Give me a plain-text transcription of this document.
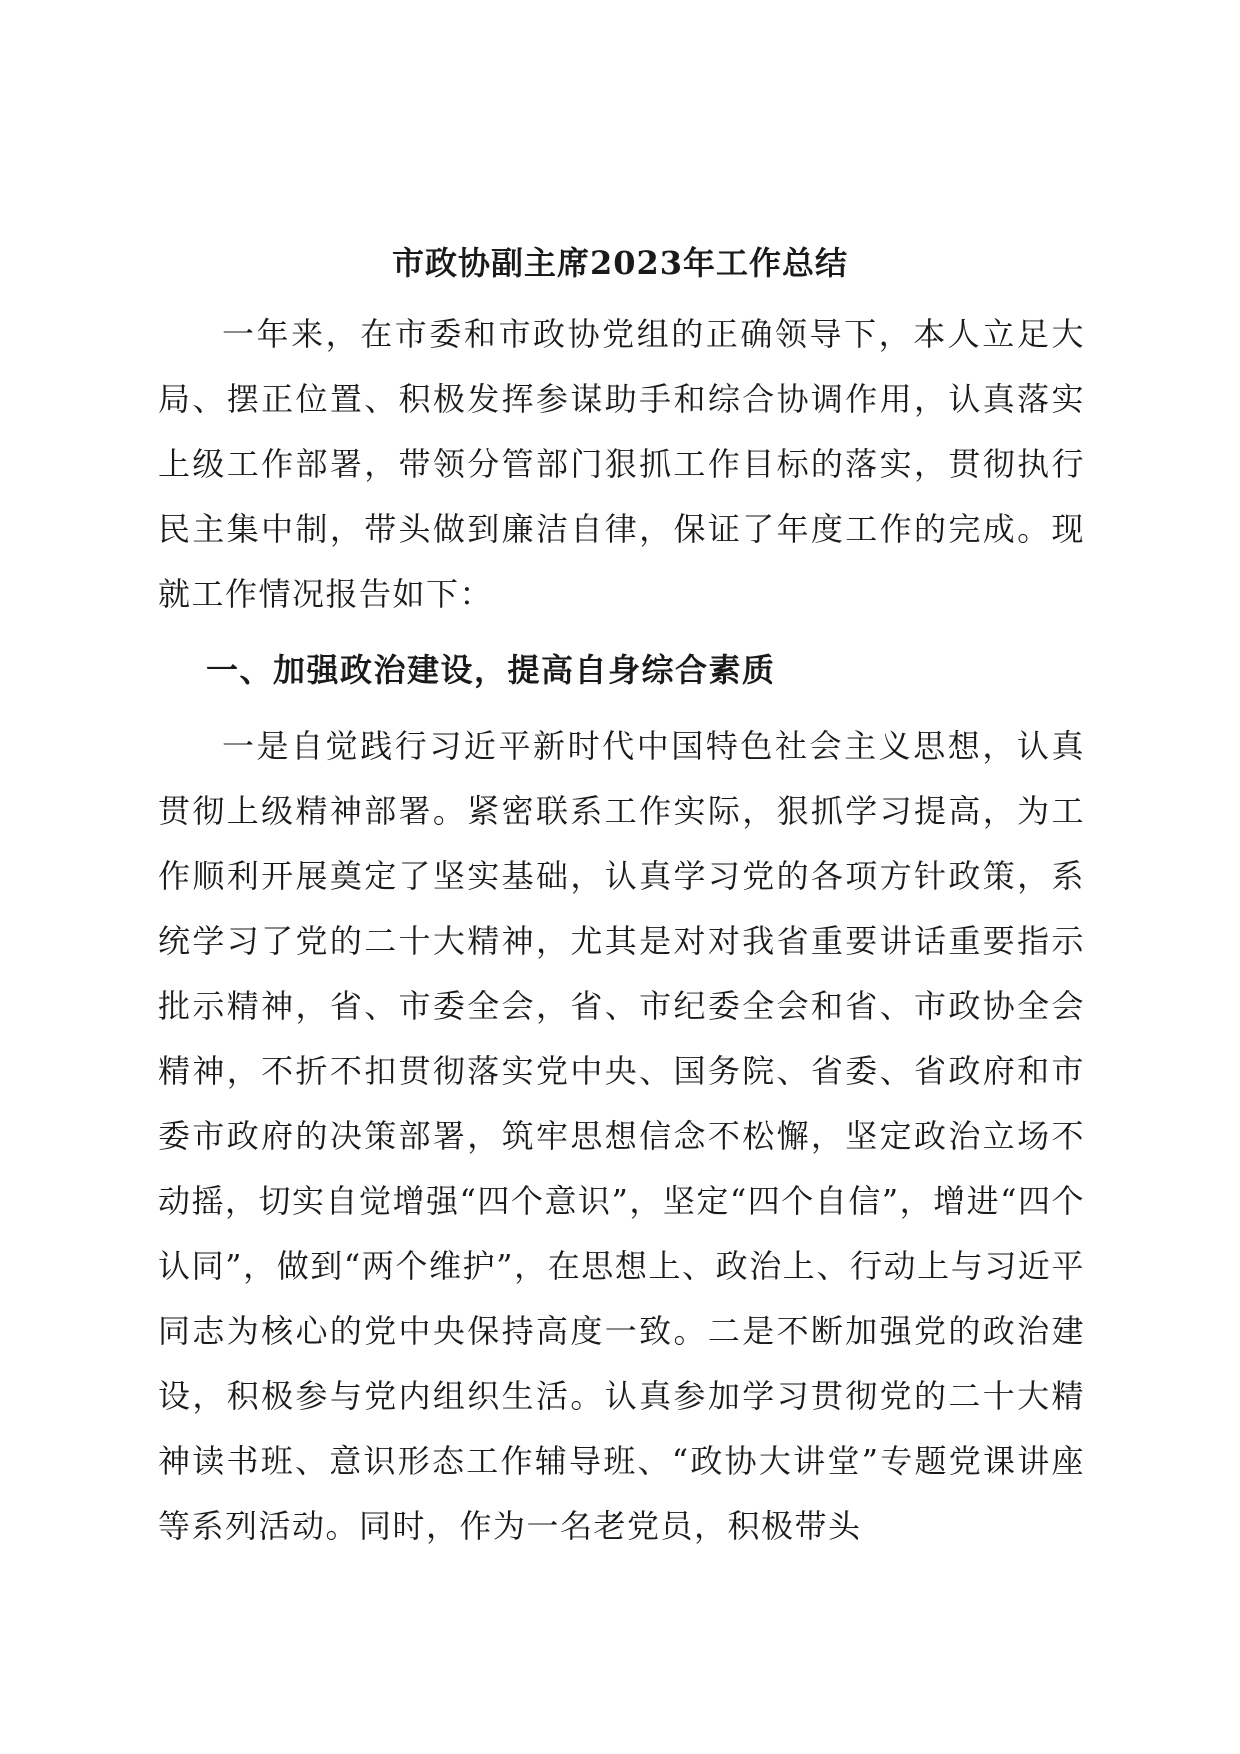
市政协副主席2023年工作总结

一年来，在市委和市政协党组的正确领导下，本人立足大局、摆正位置、积极发挥参谋助手和综合协调作用，认真落实上级工作部署，带领分管部门狠抓工作目标的落实，贯彻执行民主集中制，带头做到廉洁自律，保证了年度工作的完成。现就工作情况报告如下：

一、加强政治建设，提高自身综合素质

一是自觉践行习近平新时代中国特色社会主义思想，认真贯彻上级精神部署。紧密联系工作实际，狠抓学习提高，为工作顺利开展奠定了坚实基础，认真学习党的各项方针政策，系统学习了党的二十大精神，尤其是对对我省重要讲话重要指示批示精神，省、市委全会，省、市纪委全会和省、市政协全会精神，不折不扣贯彻落实党中央、国务院、省委、省政府和市委市政府的决策部署，筑牢思想信念不松懈，坚定政治立场不动摇，切实自觉增强“四个意识”，坚定“四个自信”，增进“四个认同”，做到“两个维护”，在思想上、政治上、行动上与习近平同志为核心的党中央保持高度一致。二是不断加强党的政治建设，积极参与党内组织生活。认真参加学习贯彻党的二十大精神读书班、意识形态工作辅导班、“政协大讲堂”专题党课讲座等系列活动。同时，作为一名老党员，积极带头
